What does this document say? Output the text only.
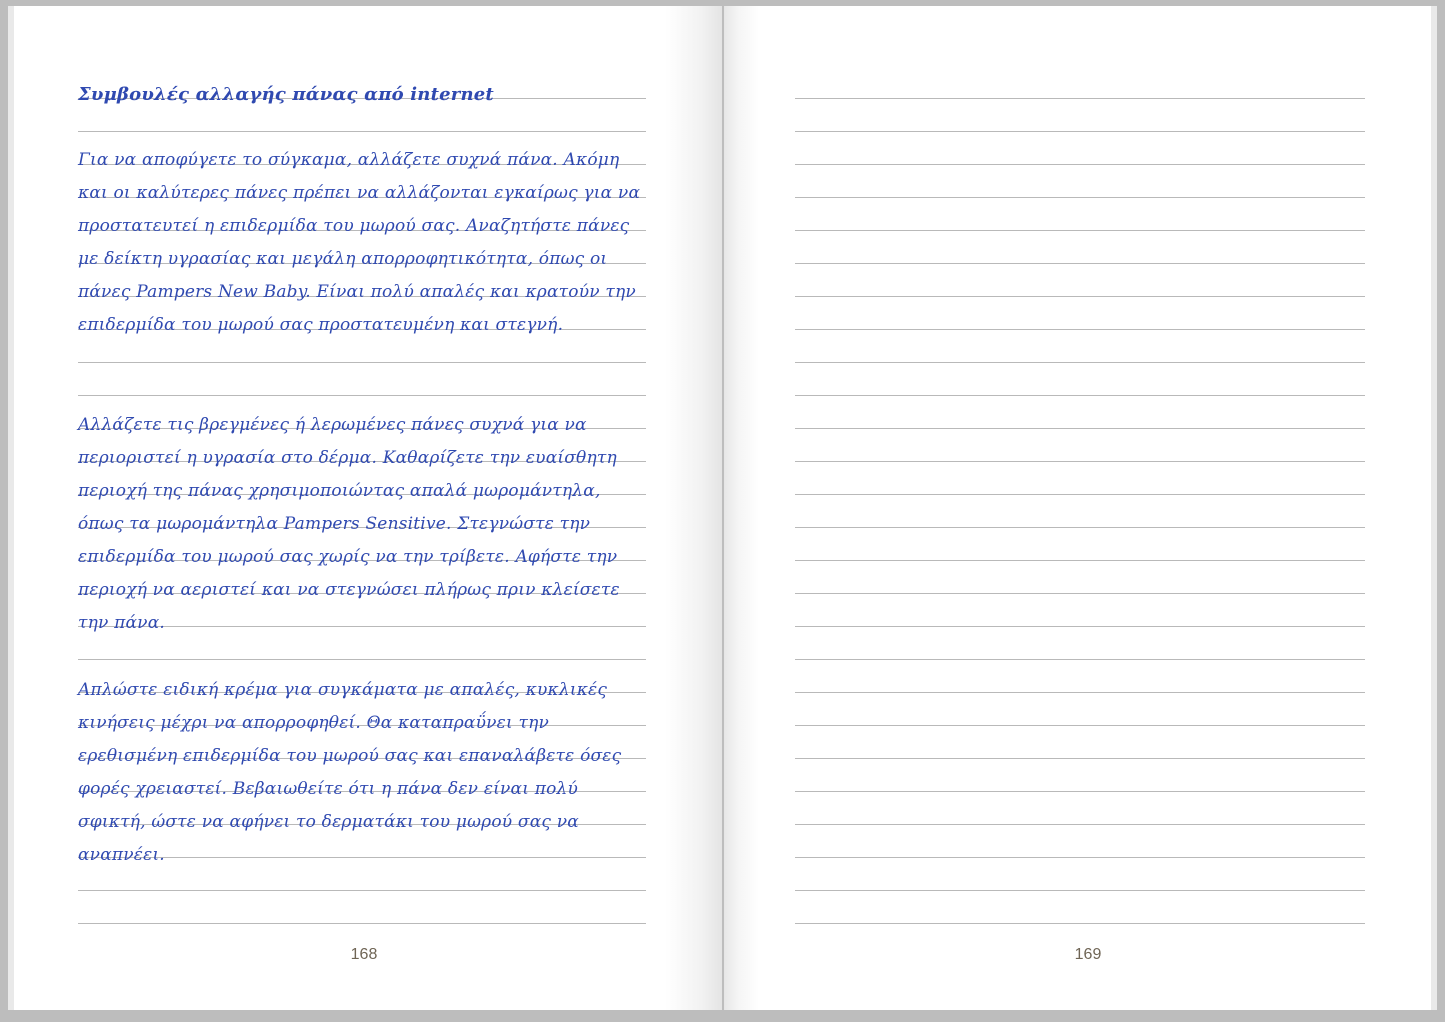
Συμβουλές αλλαγής πάνας από internet

Για να αποφύγετε το σύγκαμα, αλλάζετε συχνά πάνα. Ακόμη και οι καλύτερες πάνες πρέπει να αλλάζονται εγκαίρως για να προστατευτεί η επιδερμίδα του μωρού σας. Αναζητήστε πάνες με δείκτη υγρασίας και μεγάλη απορροφητικότητα, όπως οι πάνες Pampers New Baby. Είναι πολύ απαλές και κρατούν την επιδερμίδα του μωρού σας προστατευμένη και στεγνή.

Αλλάζετε τις βρεγμένες ή λερωμένες πάνες συχνά για να περιοριστεί η υγρασία στο δέρμα. Καθαρίζετε την ευαίσθητη περιοχή της πάνας χρησιμοποιώντας απαλά μωρομάντηλα, όπως τα μωρομάντηλα Pampers Sensitive. Στεγνώστε την επιδερμίδα του μωρού σας χωρίς να την τρίβετε. Αφήστε την περιοχή να αεριστεί και να στεγνώσει πλήρως πριν κλείσετε την πάνα.

Απλώστε ειδική κρέμα για συγκάματα με απαλές, κυκλικές κινήσεις μέχρι να απορροφηθεί. Θα καταπραΰνει την ερεθισμένη επιδερμίδα του μωρού σας και επαναλάβετε όσες φορές χρειαστεί. Βεβαιωθείτε ότι η πάνα δεν είναι πολύ σφικτή, ώστε να αφήνει το δερματάκι του μωρού σας να αναπνέει.

168	169
